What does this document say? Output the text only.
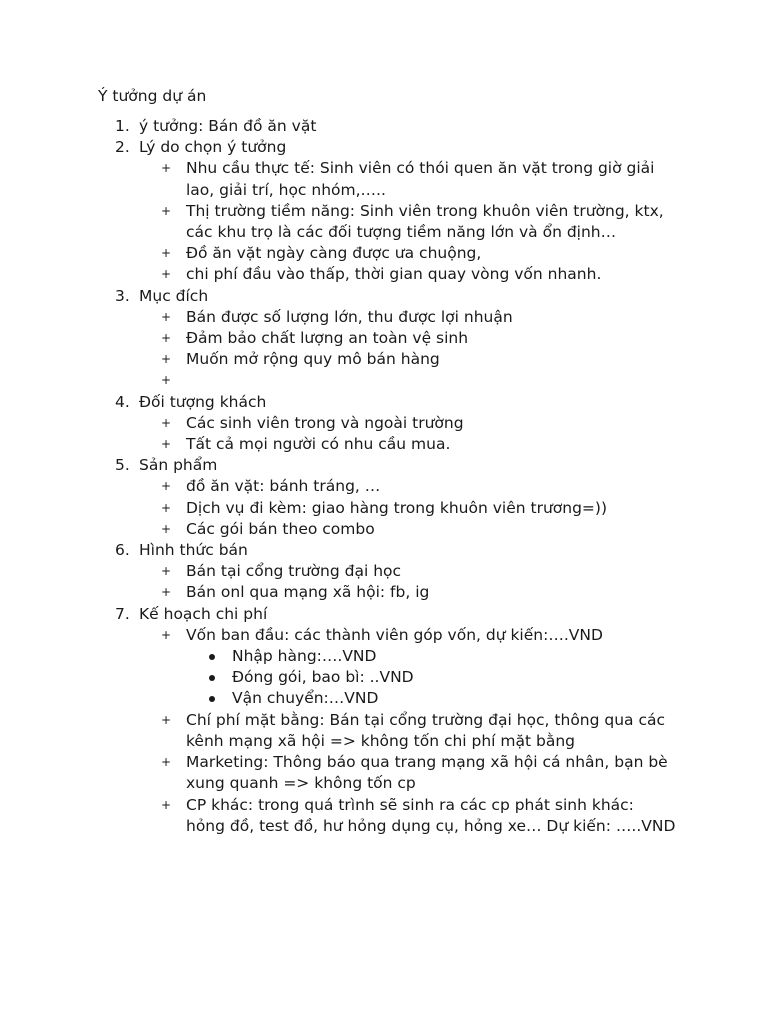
Ý tưởng dự án

1. ý tưởng: Bán đồ ăn vặt
2. Lý do chọn ý tưởng
+ Nhu cầu thực tế: Sinh viên có thói quen ăn vặt trong giờ giải lao, giải trí, học nhóm,…..
+ Thị trường tiềm năng: Sinh viên trong khuôn viên trường, ktx, các khu trọ là các đối tượng tiềm năng lớn và ổn định…
+ Đồ ăn vặt ngày càng được ưa chuộng,
+ chi phí đầu vào thấp, thời gian quay vòng vốn nhanh.
3. Mục đích
+ Bán được số lượng lớn, thu được lợi nhuận
+ Đảm bảo chất lượng an toàn vệ sinh
+ Muốn mở rộng quy mô bán hàng
+

4. Đối tượng khách
+ Các sinh viên trong và ngoài trường
+ Tất cả mọi người có nhu cầu mua.
5. Sản phẩm
+ đồ ăn vặt: bánh tráng, …
+ Dịch vụ đi kèm: giao hàng trong khuôn viên trương=))
+ Các gói bán theo combo
6. Hình thức bán
+ Bán tại cổng trường đại học
+ Bán onl qua mạng xã hội: fb, ig
7. Kế hoạch chi phí
+ Vốn ban đầu: các thành viên góp vốn, dự kiến:….VND
Nhập hàng:….VND
Đóng gói, bao bì: ..VND
Vận chuyển:…VND
+ Chí phí mặt bằng: Bán tại cổng trường đại học, thông qua các kênh mạng xã hội => không tốn chi phí mặt bằng
+ Marketing: Thông báo qua trang mạng xã hội cá nhân, bạn bè xung quanh => không tốn cp
+ CP khác: trong quá trình sẽ sinh ra các cp phát sinh khác: hỏng đồ, test đồ, hư hỏng dụng cụ, hỏng xe… Dự kiến: …..VND
